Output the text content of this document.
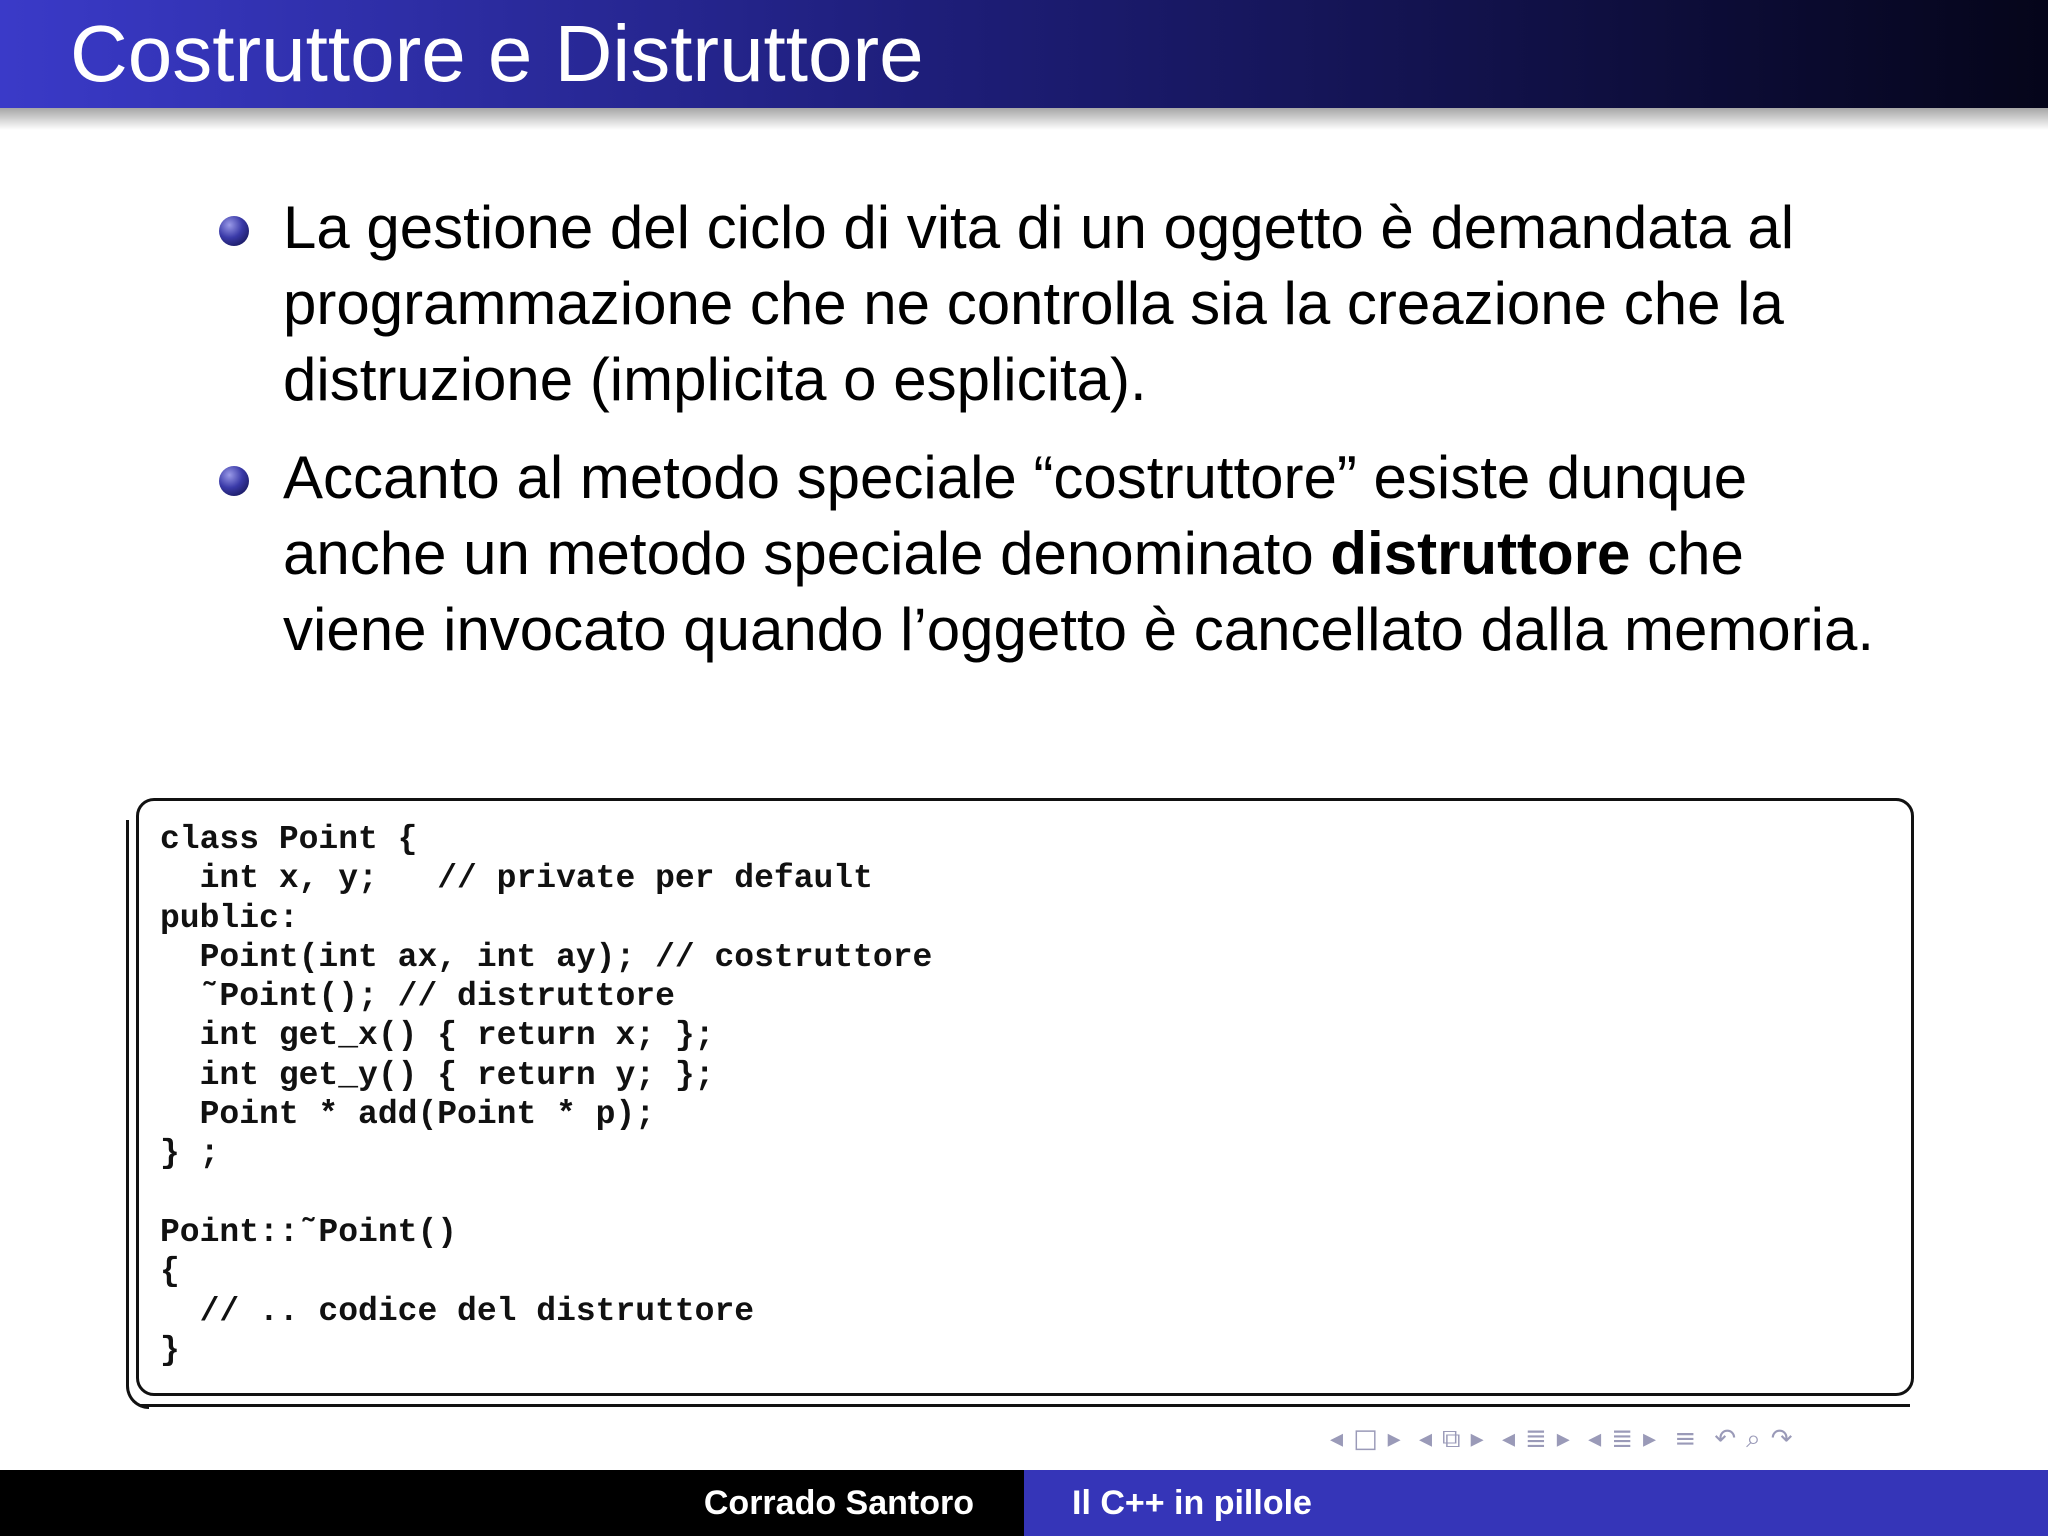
Costruttore e Distruttore
La gestione del ciclo di vita di un oggetto è demandata al programmazione che ne controlla sia la creazione che la distruzione (implicita o esplicita).
Accanto al metodo speciale “costruttore” esiste dunque anche un metodo speciale denominato distruttore che viene invocato quando l’oggetto è cancellato dalla memoria.
class Point {
int x, y;   // private per default
public:
Point(int ax, int ay); // costruttore
˜Point(); // distruttore
int get_x() { return x; };
int get_y() { return y; };
Point * add(Point * p);
} ;

Point::˜Point()
{
// .. codice del distruttore
}
◂ □ ▸ ◂ ⧉ ▸ ◂ ≣ ▸ ◂ ≣ ▸ ≡ ↶ ⌕ ↷
Corrado Santoro	Il C++ in pillole
